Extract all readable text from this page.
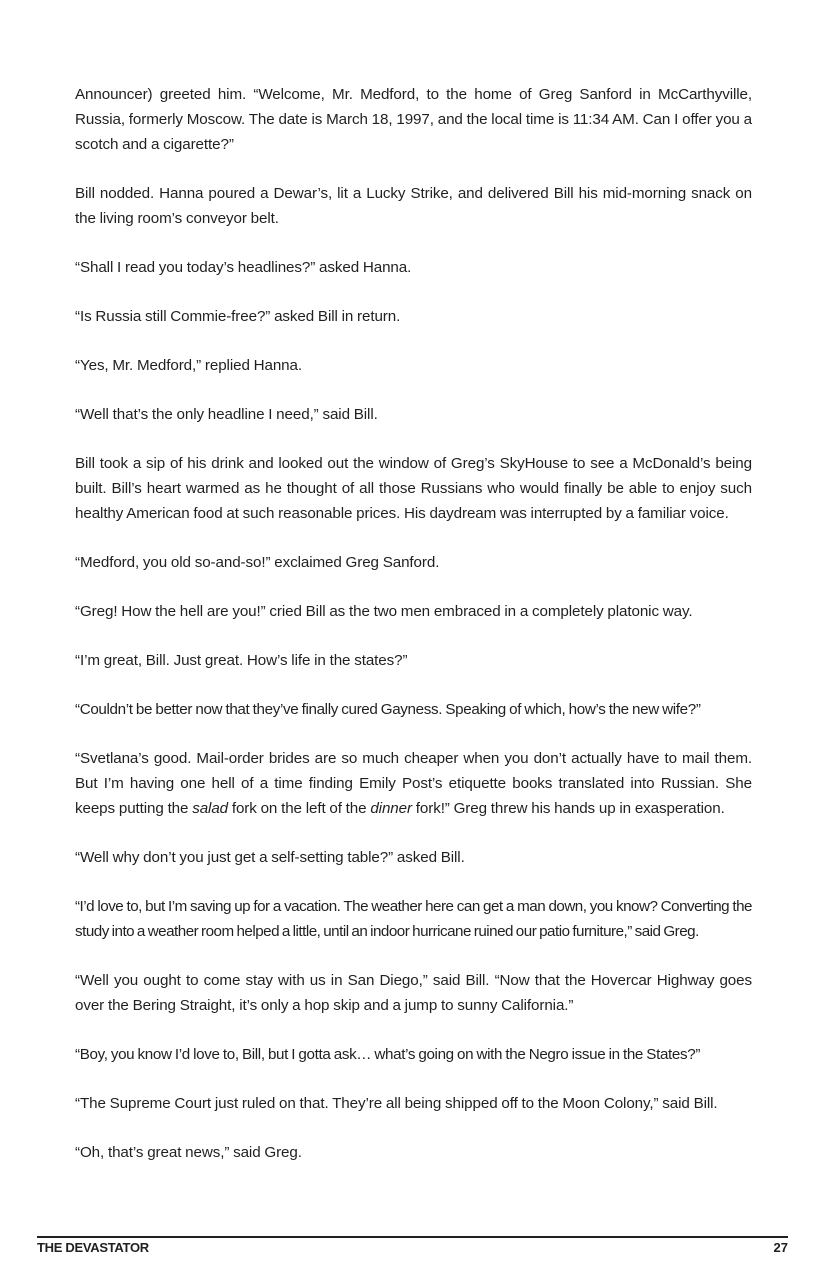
Announcer) greeted him. “Welcome, Mr. Medford, to the home of Greg Sanford in McCarthyville, Russia, formerly Moscow. The date is March 18, 1997, and the local time is 11:34 AM. Can I offer you a scotch and a cigarette?”

Bill nodded. Hanna poured a Dewar’s, lit a Lucky Strike, and delivered Bill his mid-morning snack on the living room’s conveyor belt.

“Shall I read you today’s headlines?” asked Hanna.

“Is Russia still Commie-free?” asked Bill in return.

“Yes, Mr. Medford,” replied Hanna.

“Well that’s the only headline I need,” said Bill.

Bill took a sip of his drink and looked out the window of Greg’s SkyHouse to see a McDonald’s being built. Bill’s heart warmed as he thought of all those Russians who would finally be able to enjoy such healthy American food at such reasonable prices. His daydream was interrupted by a familiar voice.

“Medford, you old so-and-so!” exclaimed Greg Sanford.

“Greg! How the hell are you!” cried Bill as the two men embraced in a completely platonic way.

“I’m great, Bill. Just great. How’s life in the states?”

“Couldn’t be better now that they’ve finally cured Gayness. Speaking of which, how’s the new wife?”

“Svetlana’s good. Mail-order brides are so much cheaper when you don’t actually have to mail them. But I’m having one hell of a time finding Emily Post’s etiquette books translated into Russian. She keeps putting the salad fork on the left of the dinner fork!” Greg threw his hands up in exasperation.

“Well why don’t you just get a self-setting table?” asked Bill.

“I’d love to, but I’m saving up for a vacation. The weather here can get a man down, you know? Converting the study into a weather room helped a little, until an indoor hurricane ruined our patio furniture,” said Greg.

“Well you ought to come stay with us in San Diego,” said Bill. “Now that the Hovercar Highway goes over the Bering Straight, it’s only a hop skip and a jump to sunny California.”

“Boy, you know I’d love to, Bill, but I gotta ask… what’s going on with the Negro issue in the States?”

“The Supreme Court just ruled on that. They’re all being shipped off to the Moon Colony,” said Bill.

“Oh, that’s great news,” said Greg.

THE DEVASTATOR	27
